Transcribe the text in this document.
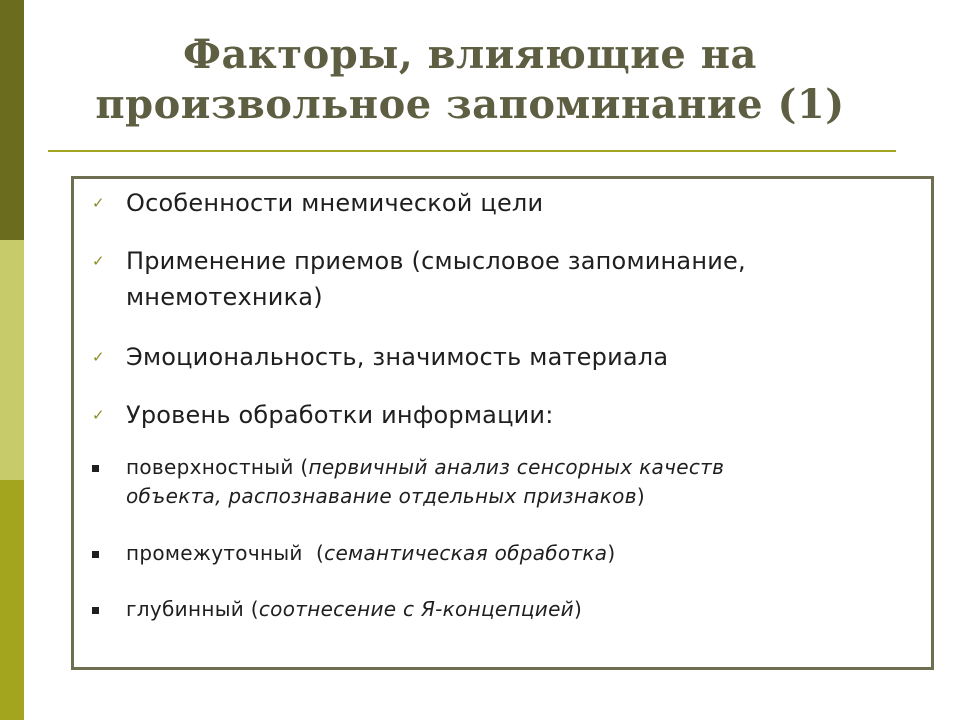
Факторы, влияющие на
произвольное запоминание (1)
✓ Особенности мнемической цели
✓ Применение приемов (смысловое запоминание,
мнемотехника)
✓ Эмоциональность, значимость материала
✓ Уровень обработки информации:
поверхностный (первичный анализ сенсорных качеств
объекта, распознавание отдельных признаков)
промежуточный  (семантическая обработка)
глубинный (соотнесение с Я-концепцией)
